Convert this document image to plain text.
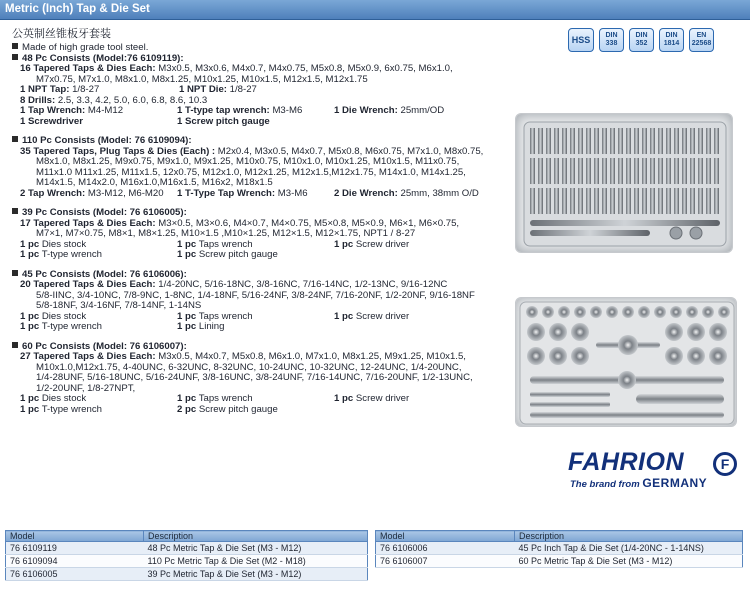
Metric (Inch) Tap & Die Set
公英制丝锥板牙套装	HSS	DIN
338
DIN
352
DIN
1814
EN
22568
Made of high grade tool steel.
48 Pc Consists (Model:76 6109119):
16 Tapered Taps & Dies Each: M3x0.5, M3x0.6, M4x0.7, M4x0.75, M5x0.8, M5x0.9, 6x0.75, M6x1.0,
M7x0.75, M7x1.0, M8x1.0, M8x1.25, M10x1.25, M10x1.5, M12x1.5, M12x1.75
1 NPT Tap: 1/8-27	1 NPT Die: 1/8-27
8 Drills: 2.5, 3.3, 4.2, 5.0, 6.0, 6.8, 8.6, 10.3
1 Tap Wrench: M4-M12	1 T-type tap wrench: M3-M6	1 Die Wrench: 25mm/OD
1 Screwdriver	1 Screw pitch gauge
110 Pc Consists (Model: 76 6109094):
35 Tapered Taps, Plug Taps & Dies (Each) : M2x0.4, M3x0.5, M4x0.7, M5x0.8, M6x0.75, M7x1.0, M8x0.75,
M8x1.0, M8x1.25, M9x0.75, M9x1.0, M9x1.25, M10x0.75, M10x1.0, M10x1.25, M10x1.5, M11x0.75,
M11x1.0 M11x1.25, M11x1.5, 12x0.75, M12x1.0, M12x1.25, M12x1.5,M12x1.75, M14x1.0, M14x1.25,
M14x1.5, M14x2.0, M16x1.0,M16x1.5, M16x2, M18x1.5
2 Tap Wrench: M3-M12, M6-M20 1 T-Type Tap Wrench: M3-M6	2 Die Wrench: 25mm, 38mm O/D
39 Pc Consists (Model: 76 6106005):
17 Tapered Taps & Dies Each: M3×0.5, M3×0.6, M4×0.7, M4×0.75, M5×0.8, M5×0.9, M6×1, M6×0.75,
M7×1, M7×0.75, M8×1, M8×1.25, M10×1.5 ,M10×1.25, M12×1.5, M12×1.75, NPT1 / 8-27
1 pc Dies stock	1 pc Taps wrench	1 pc Screw driver
1 pc T-type wrench	1 pc Screw pitch gauge
45 Pc Consists (Model: 76 6106006):
20 Tapered Taps & Dies Each: 1/4-20NC, 5/16-18NC, 3/8-16NC, 7/16-14NC, 1/2-13NC, 9/16-12NC
5/8-IINC, 3/4-10NC, 7/8-9NC, 1-8NC, 1/4-18NF, 5/16-24NF, 3/8-24NF, 7/16-20NF, 1/2-20NF, 9/16-18NF
5/8-18NF, 3/4-16NF, 7/8-14NF, 1-14NS
1 pc Dies stock	1 pc Taps wrench	1 pc Screw driver
1 pc T-type wrench	1 pc Lining
60 Pc Consists (Model: 76 6106007):
27 Tapered Taps & Dies Each: M3x0.5, M4x0.7, M5x0.8, M6x1.0, M7x1.0, M8x1.25, M9x1.25, M10x1.5,
M10x1.0,M12x1.75, 4-40UNC, 6-32UNC, 8-32UNC, 10-24UNC, 10-32UNC, 12-24UNC, 1/4-20UNC,
1/4-28UNF, 5/16-18UNC, 5/16-24UNF, 3/8-16UNC, 3/8-24UNF, 7/16-14UNC, 7/16-20UNF, 1/2-13UNC,
1/2-20UNF, 1/8-27NPT,
1 pc Dies stock	1 pc Taps wrench	1 pc Screw driver
1 pc T-type wrench	2 pc Screw pitch gauge
FAHRION	F
The brand from GERMANY
Model	Description
76 6109119	48 Pc Metric Tap & Die Set (M3 - M12)
76 6109094	110 Pc Metric Tap & Die Set (M2 - M18)
76 6106005	39 Pc Metric Tap & Die Set (M3 - M12)
Model	Description
76 6106006	45 Pc Inch Tap & Die Set (1/4-20NC - 1-14NS)
76 6106007	60 Pc Metric Tap & Die Set (M3 - M12)
